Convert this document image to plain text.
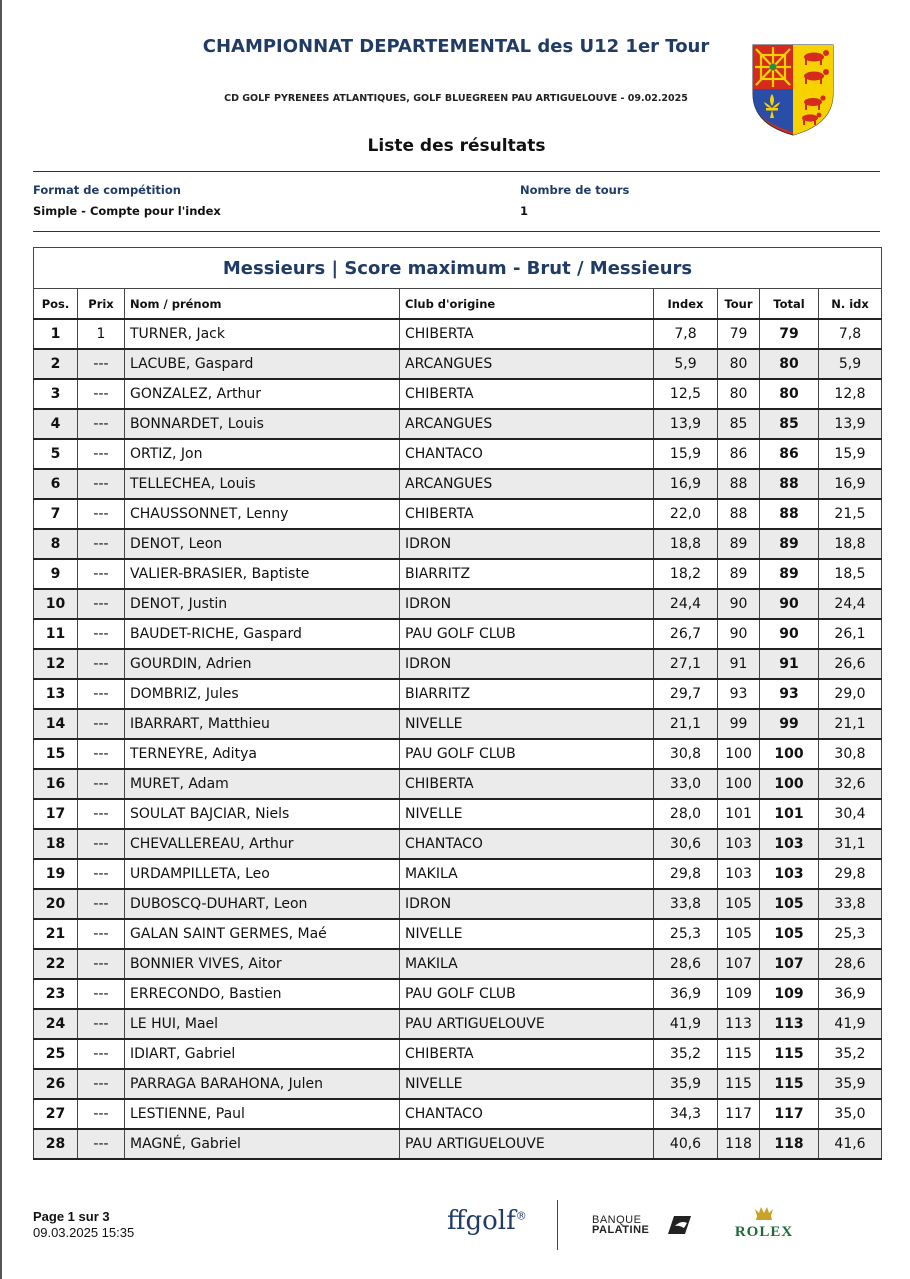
CHAMPIONNAT DEPARTEMENTAL des U12 1er Tour
CD GOLF PYRENEES ATLANTIQUES, GOLF BLUEGREEN PAU ARTIGUELOUVE - 09.02.2025
Liste des résultats
Format de compétition
Simple - Compte pour l'index
Nombre de tours
1
Messieurs | Score maximum - Brut / Messieurs							
Pos.	Prix	Nom / prénom	Club d'origine	Index	Tour	Total	N. idx
1	1	TURNER, Jack	CHIBERTA	7,8	79	79	7,8
2	---	LACUBE, Gaspard	ARCANGUES	5,9	80	80	5,9
3	---	GONZALEZ, Arthur	CHIBERTA	12,5	80	80	12,8
4	---	BONNARDET, Louis	ARCANGUES	13,9	85	85	13,9
5	---	ORTIZ, Jon	CHANTACO	15,9	86	86	15,9
6	---	TELLECHEA, Louis	ARCANGUES	16,9	88	88	16,9
7	---	CHAUSSONNET, Lenny	CHIBERTA	22,0	88	88	21,5
8	---	DENOT, Leon	IDRON	18,8	89	89	18,8
9	---	VALIER-BRASIER, Baptiste	BIARRITZ	18,2	89	89	18,5
10	---	DENOT, Justin	IDRON	24,4	90	90	24,4
11	---	BAUDET-RICHE, Gaspard	PAU GOLF CLUB	26,7	90	90	26,1
12	---	GOURDIN, Adrien	IDRON	27,1	91	91	26,6
13	---	DOMBRIZ, Jules	BIARRITZ	29,7	93	93	29,0
14	---	IBARRART, Matthieu	NIVELLE	21,1	99	99	21,1
15	---	TERNEYRE, Aditya	PAU GOLF CLUB	30,8	100	100	30,8
16	---	MURET, Adam	CHIBERTA	33,0	100	100	32,6
17	---	SOULAT BAJCIAR, Niels	NIVELLE	28,0	101	101	30,4
18	---	CHEVALLEREAU, Arthur	CHANTACO	30,6	103	103	31,1
19	---	URDAMPILLETA, Leo	MAKILA	29,8	103	103	29,8
20	---	DUBOSCQ-DUHART, Leon	IDRON	33,8	105	105	33,8
21	---	GALAN SAINT GERMES, Maé	NIVELLE	25,3	105	105	25,3
22	---	BONNIER VIVES, Aitor	MAKILA	28,6	107	107	28,6
23	---	ERRECONDO, Bastien	PAU GOLF CLUB	36,9	109	109	36,9
24	---	LE HUI, Mael	PAU ARTIGUELOUVE	41,9	113	113	41,9
25	---	IDIART, Gabriel	CHIBERTA	35,2	115	115	35,2
26	---	PARRAGA BARAHONA, Julen	NIVELLE	35,9	115	115	35,9
27	---	LESTIENNE, Paul	CHANTACO	34,3	117	117	35,0
28	---	MAGNÉ, Gabriel	PAU ARTIGUELOUVE	40,6	118	118	41,6
Page 1 sur 3
09.03.2025 15:35	ffgolf®	BANQUE
PALATINE	ROLEX
